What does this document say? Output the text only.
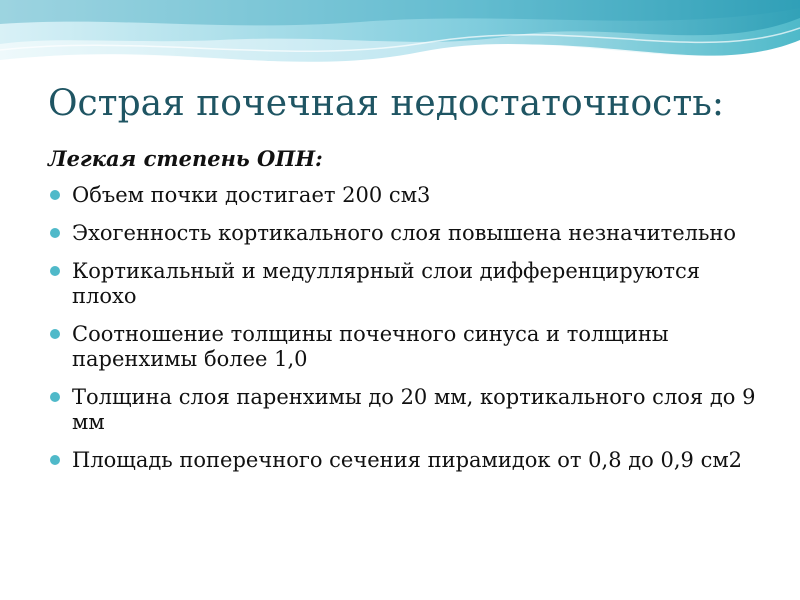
Острая почечная недостаточность:
Легкая степень ОПН:
Объем почки достигает 200 см3
Эхогенность кортикального слоя повышена незначительно
Кортикальный и медуллярный слои дифференцируются плохо
Соотношение толщины почечного синуса и толщины паренхимы более 1,0
Толщина слоя паренхимы до 20 мм, кортикального слоя до 9 мм
Площадь поперечного сечения пирамидок от 0,8 до 0,9 см2
